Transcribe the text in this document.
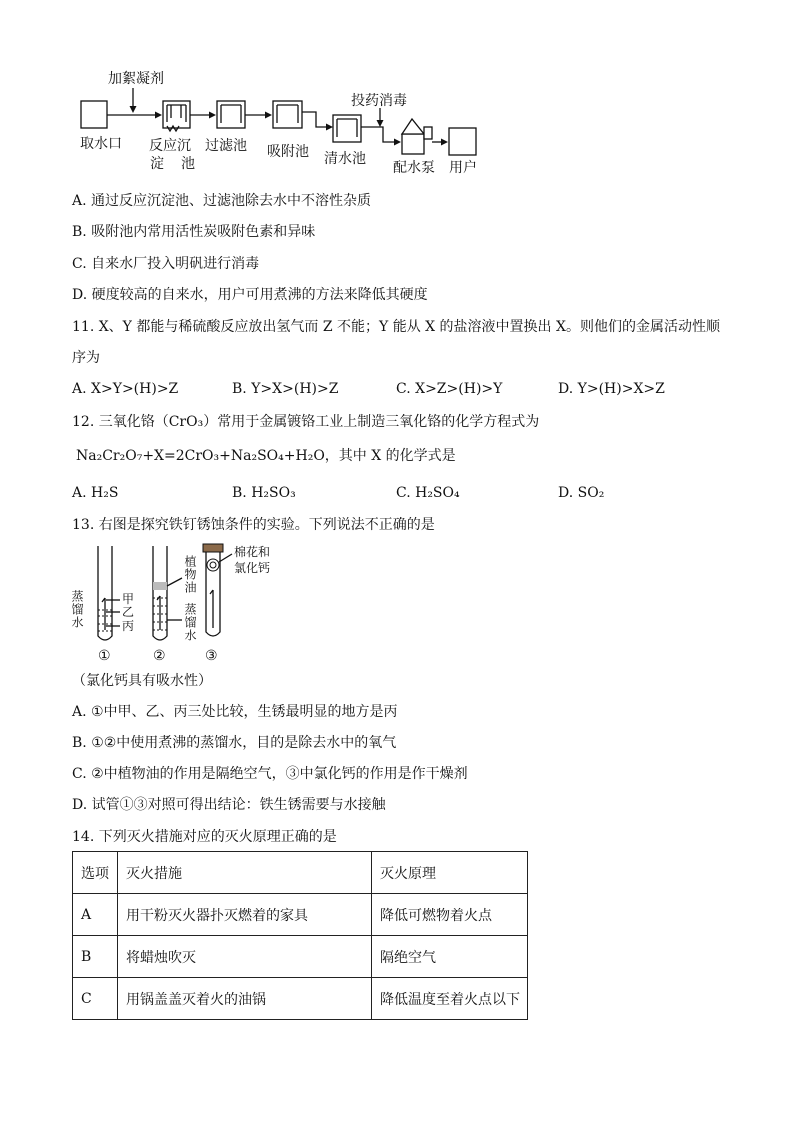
加絮凝剂
投药消毒
取水口 反应沉
淀 池
过滤池 吸附池 清水池
配水泵 用户
A. 通过反应沉淀池、过滤池除去水中不溶性杂质
B. 吸附池内常用活性炭吸附色素和异味
C. 自来水厂投入明矾进行消毒
D. 硬度较高的自来水，用户可用煮沸的方法来降低其硬度
11. X、Y 都能与稀硫酸反应放出氢气而 Z 不能；Y 能从 X 的盐溶液中置换出 X。则他们的金属活动性顺
序为
A. X>Y>(H)>Z	B. Y>X>(H)>Z	C. X>Z>(H)>Y	D. Y>(H)>X>Z
12. 三氧化铬（CrO₃）常用于金属镀铬工业上制造三氧化铬的化学方程式为
Na₂Cr₂O₇+X=2CrO₃+Na₂SO₄+H₂O，其中 X 的化学式是
A. H₂S	B. H₂SO₃	C. H₂SO₄	D. SO₂
13. 右图是探究铁钉锈蚀条件的实验。下列说法不正确的是
蒸馏水	甲
乙
丙
植物油
蒸馏水
棉花和
氯化钙
①	②	③
（氯化钙具有吸水性）
A. ①中甲、乙、丙三处比较，生锈最明显的地方是丙
B. ①②中使用煮沸的蒸馏水，目的是除去水中的氧气
C. ②中植物油的作用是隔绝空气，③中氯化钙的作用是作干燥剂
D. 试管①③对照可得出结论：铁生锈需要与水接触
14. 下列灭火措施对应的灭火原理正确的是
选项	灭火措施	灭火原理
A	用干粉灭火器扑灭燃着的家具	降低可燃物着火点
B	将蜡烛吹灭	隔绝空气
C	用锅盖盖灭着火的油锅	降低温度至着火点以下
